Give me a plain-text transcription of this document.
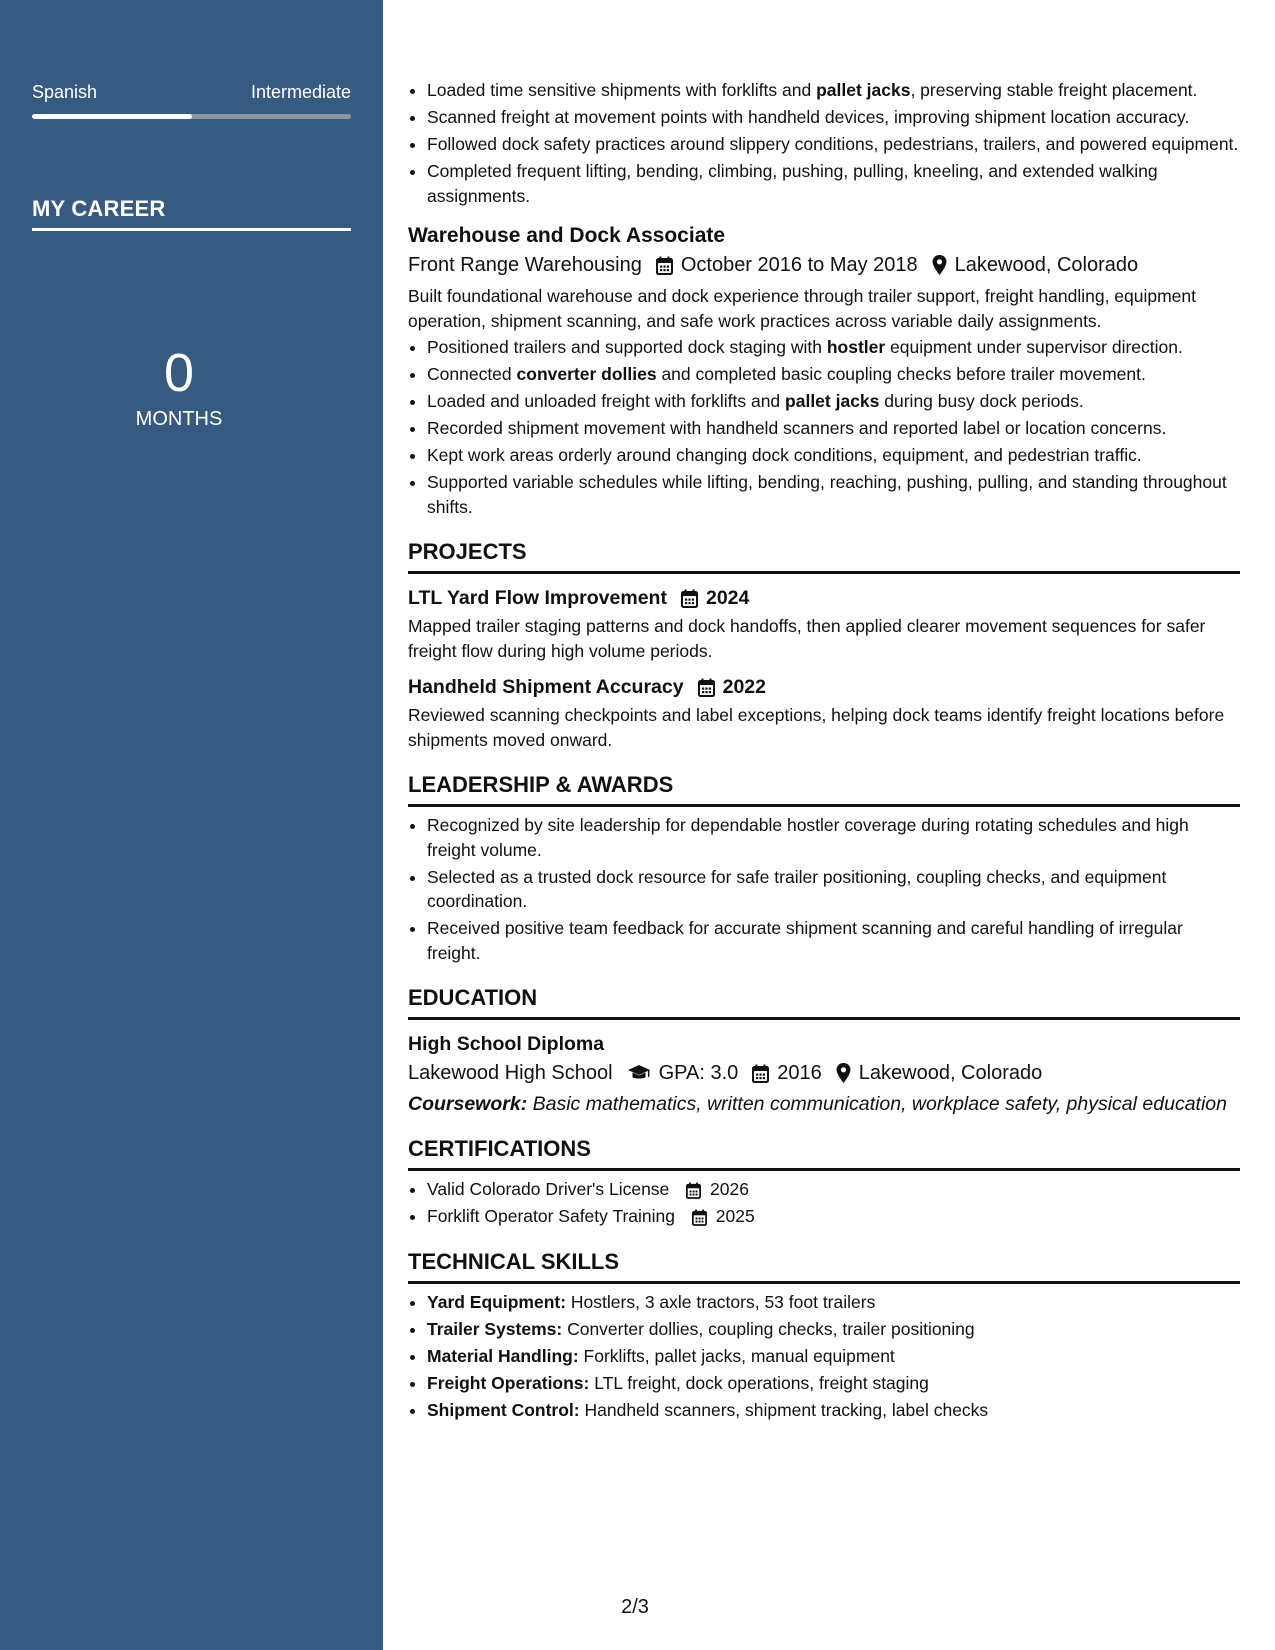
Spanish	Intermediate
MY CAREER
0
MONTHS
• Loaded time sensitive shipments with forklifts and pallet jacks, preserving stable freight placement.
• Scanned freight at movement points with handheld devices, improving shipment location accuracy.
• Followed dock safety practices around slippery conditions, pedestrians, trailers, and powered equipment.
• Completed frequent lifting, bending, climbing, pushing, pulling, kneeling, and extended walking assignments.
Warehouse and Dock Associate
Front Range Warehousing October 2016 to May 2018 Lakewood, Colorado
Built foundational warehouse and dock experience through trailer support, freight handling, equipment operation, shipment scanning, and safe work practices across variable daily assignments.
• Positioned trailers and supported dock staging with hostler equipment under supervisor direction.
• Connected converter dollies and completed basic coupling checks before trailer movement.
• Loaded and unloaded freight with forklifts and pallet jacks during busy dock periods.
• Recorded shipment movement with handheld scanners and reported label or location concerns.
• Kept work areas orderly around changing dock conditions, equipment, and pedestrian traffic.
• Supported variable schedules while lifting, bending, reaching, pushing, pulling, and standing throughout shifts.
PROJECTS
LTL Yard Flow Improvement 2024
Mapped trailer staging patterns and dock handoffs, then applied clearer movement sequences for safer freight flow during high volume periods.
Handheld Shipment Accuracy 2022
Reviewed scanning checkpoints and label exceptions, helping dock teams identify freight locations before shipments moved onward.
LEADERSHIP & AWARDS
• Recognized by site leadership for dependable hostler coverage during rotating schedules and high freight volume.
• Selected as a trusted dock resource for safe trailer positioning, coupling checks, and equipment coordination.
• Received positive team feedback for accurate shipment scanning and careful handling of irregular freight.
EDUCATION
High School Diploma
Lakewood High School GPA: 3.0 2016 Lakewood, Colorado
Coursework: Basic mathematics, written communication, workplace safety, physical education
CERTIFICATIONS
• Valid Colorado Driver's License 2026
• Forklift Operator Safety Training 2025
TECHNICAL SKILLS
• Yard Equipment: Hostlers, 3 axle tractors, 53 foot trailers
• Trailer Systems: Converter dollies, coupling checks, trailer positioning
• Material Handling: Forklifts, pallet jacks, manual equipment
• Freight Operations: LTL freight, dock operations, freight staging
• Shipment Control: Handheld scanners, shipment tracking, label checks
2/3
